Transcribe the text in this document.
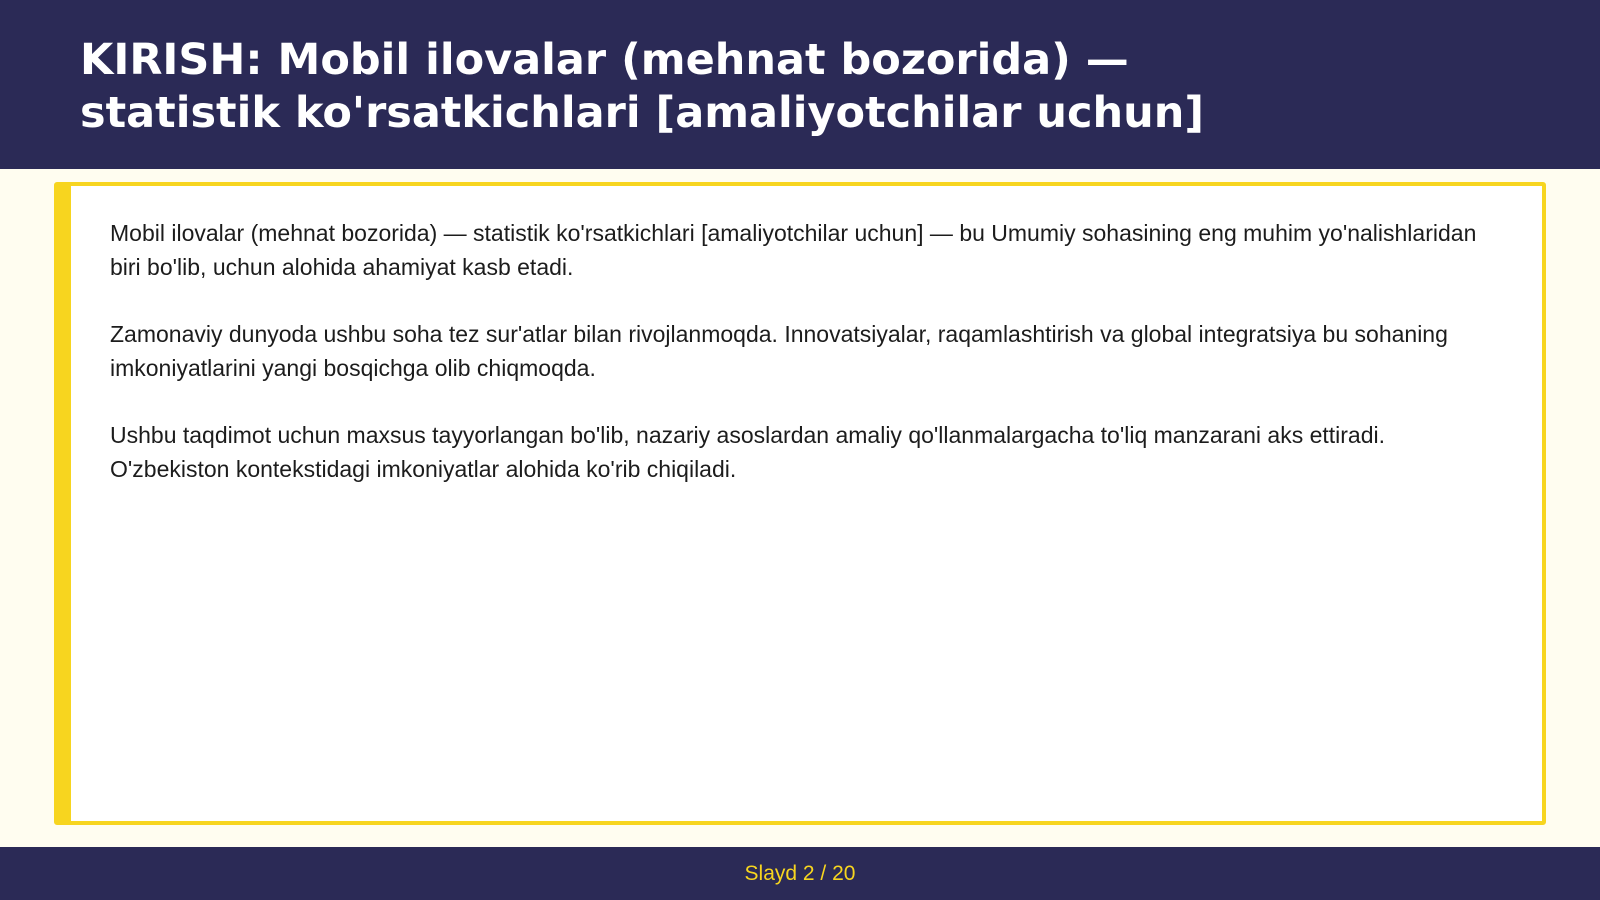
KIRISH: Mobil ilovalar (mehnat bozorida) — statistik ko'rsatkichlari [amaliyotchilar uchun]

Mobil ilovalar (mehnat bozorida) — statistik ko'rsatkichlari [amaliyotchilar uchun] — bu Umumiy sohasining eng muhim yo'nalishlaridan biri bo'lib, uchun alohida ahamiyat kasb etadi.

Zamonaviy dunyoda ushbu soha tez sur'atlar bilan rivojlanmoqda. Innovatsiyalar, raqamlashtirish va global integratsiya bu sohaning imkoniyatlarini yangi bosqichga olib chiqmoqda.

Ushbu taqdimot uchun maxsus tayyorlangan bo'lib, nazariy asoslardan amaliy qo'llanmalargacha to'liq manzarani aks ettiradi. O'zbekiston kontekstidagi imkoniyatlar alohida ko'rib chiqiladi.

Slayd 2 / 20
